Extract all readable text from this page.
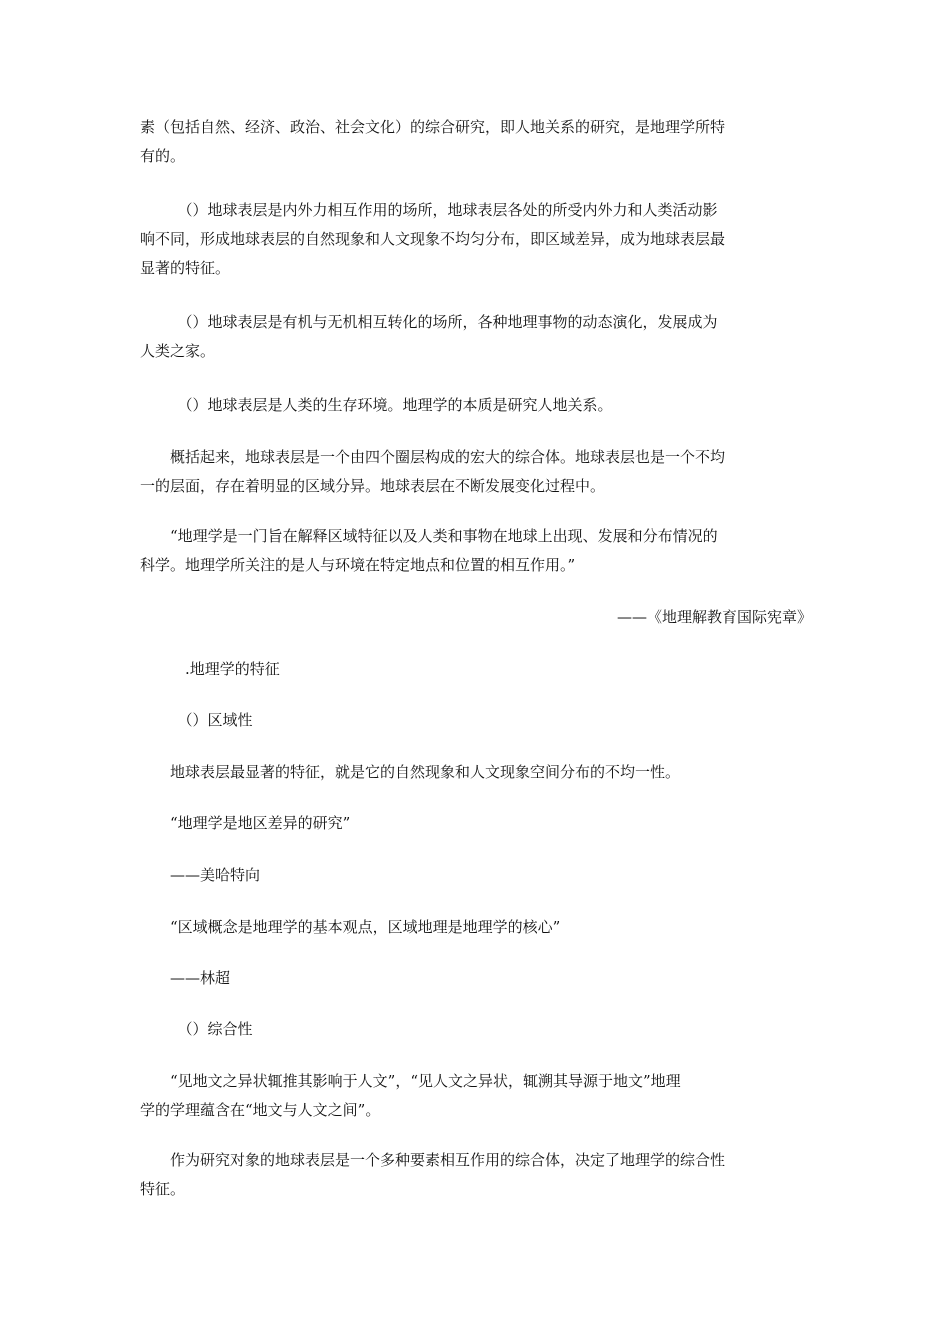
素（包括自然、经济、政治、社会文化）的综合研究，即人地关系的研究，是地理学所特
有的。

　　　（）地球表层是内外力相互作用的场所，地球表层各处的所受内外力和人类活动影
响不同，形成地球表层的自然现象和人文现象不均匀分布，即区域差异，成为地球表层最
显著的特征。

　　　（）地球表层是有机与无机相互转化的场所，各种地理事物的动态演化，发展成为
人类之家。

　　　（）地球表层是人类的生存环境。地理学的本质是研究人地关系。

　　概括起来，地球表层是一个由四个圈层构成的宏大的综合体。地球表层也是一个不均
一的层面，存在着明显的区域分异。地球表层在不断发展变化过程中。

　　“地理学是一门旨在解释区域特征以及人类和事物在地球上出现、发展和分布情况的
科学。地理学所关注的是人与环境在特定地点和位置的相互作用。”

——《地理解教育国际宪章》

　　　.地理学的特征

　　　（）区域性

　　地球表层最显著的特征，就是它的自然现象和人文现象空间分布的不均一性。

　　“地理学是地区差异的研究”

　　——美哈特向

　　“区域概念是地理学的基本观点，区域地理是地理学的核心”

　　——林超

　　　（）综合性

　　“见地文之异状辄推其影响于人文”，“见人文之异状，辄溯其导源于地文”地理
学的学理蕴含在“地文与人文之间”。

　　作为研究对象的地球表层是一个多种要素相互作用的综合体，决定了地理学的综合性
特征。
